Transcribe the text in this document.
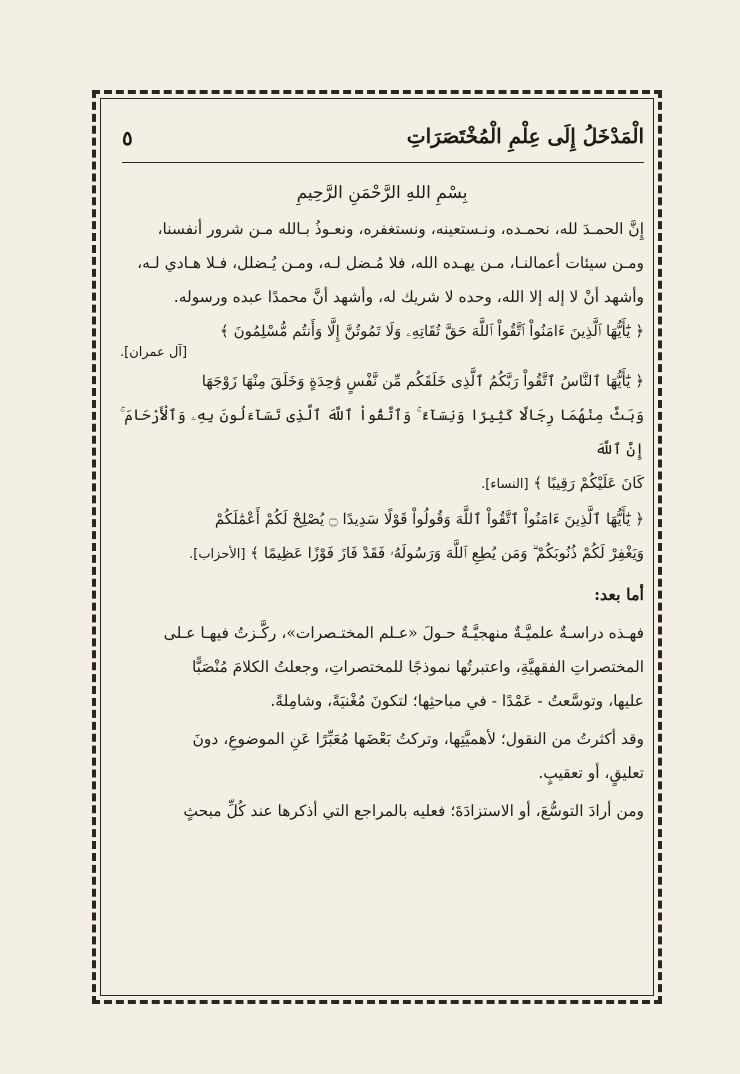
الْمَدْخَلُ إِلَى عِلْمِ الْمُخْتَصَرَاتِ
٥

بِسْمِ اللهِ الرَّحْمَنِ الرَّحِيمِ

إِنَّ الحمـدَ لله، نحمـده، ونـستعينه، ونستغفره، ونعـوذُ بـالله مـن شرور أنفسنا،
ومـن سيئات أعمالنـا، مـن يهـده الله، فلا مُـضل لـه، ومـن يُـضلل، فـلا هـادي لـه،
وأشهد أنْ لا إله إلا الله، وحده لا شريك له، وأشهد أنَّ محمدًا عبده ورسوله.

﴿ يَٰٓأَيُّهَا ٱلَّذِينَ ءَامَنُواْ ٱتَّقُواْ ٱللَّهَ حَقَّ تُقَاتِهِۦ وَلَا تَمُوتُنَّ إِلَّا وَأَنتُم مُّسْلِمُونَ ﴾

[آل عمران].

﴿ يَٰٓأَيُّهَا ٱلنَّاسُ ٱتَّقُواْ رَبَّكُمُ ٱلَّذِى خَلَقَكُم مِّن نَّفْسٍ وَٰحِدَةٍ وَخَلَقَ مِنْهَا زَوْجَهَا
وَبَثَّ مِنْهُمَا رِجَالًا كَثِيرًا وَنِسَآءً ۚ وَٱتَّقُواْ ٱللَّهَ ٱلَّذِى تَسَآءَلُونَ بِهِۦ وَٱلْأَرْحَامَ ۚ إِنَّ ٱللَّهَ
كَانَ عَلَيْكُمْ رَقِيبًا ﴾ [النساء].

﴿ يَٰٓأَيُّهَا ٱلَّذِينَ ءَامَنُواْ ٱتَّقُواْ ٱللَّهَ وَقُولُواْ قَوْلًا سَدِيدًا ۝ يُصْلِحْ لَكُمْ أَعْمَٰلَكُمْ
وَيَغْفِرْ لَكُمْ ذُنُوبَكُمْ ۗ وَمَن يُطِعِ ٱللَّهَ وَرَسُولَهُۥ فَقَدْ فَازَ فَوْزًا عَظِيمًا ﴾ [الأحزاب].

أما بعد:

فهـذه دراسـةٌ علميَّـةٌ منهجيَّـةٌ حـولَ «عـلم المختـصرات»، ركَّـزتُ فيهـا عـلى
المختصراتِ الفقهيَّةِ، واعتبرتُها نموذجًا للمختصراتِ، وجعلتُ الكلامَ مُنْصَبًّا
عليها، وتوسَّعتُ - عَمْدًا - في مباحثِها؛ لتكونَ مُغْنيَةً، وشامِلةً.

وقد أكثرتُ من النقول؛ لأهميَّتِها، وتركتُ بَعْضَها مُعَبِّرًا عَنِ الموضوعِ، دونَ
تعليقٍ، أو تعقيبٍ.

ومن أرادَ التوسُّعَ، أو الاستزادَةَ؛ فعليه بالمراجع التي أذكرها عند كُلِّ مبحثٍ
